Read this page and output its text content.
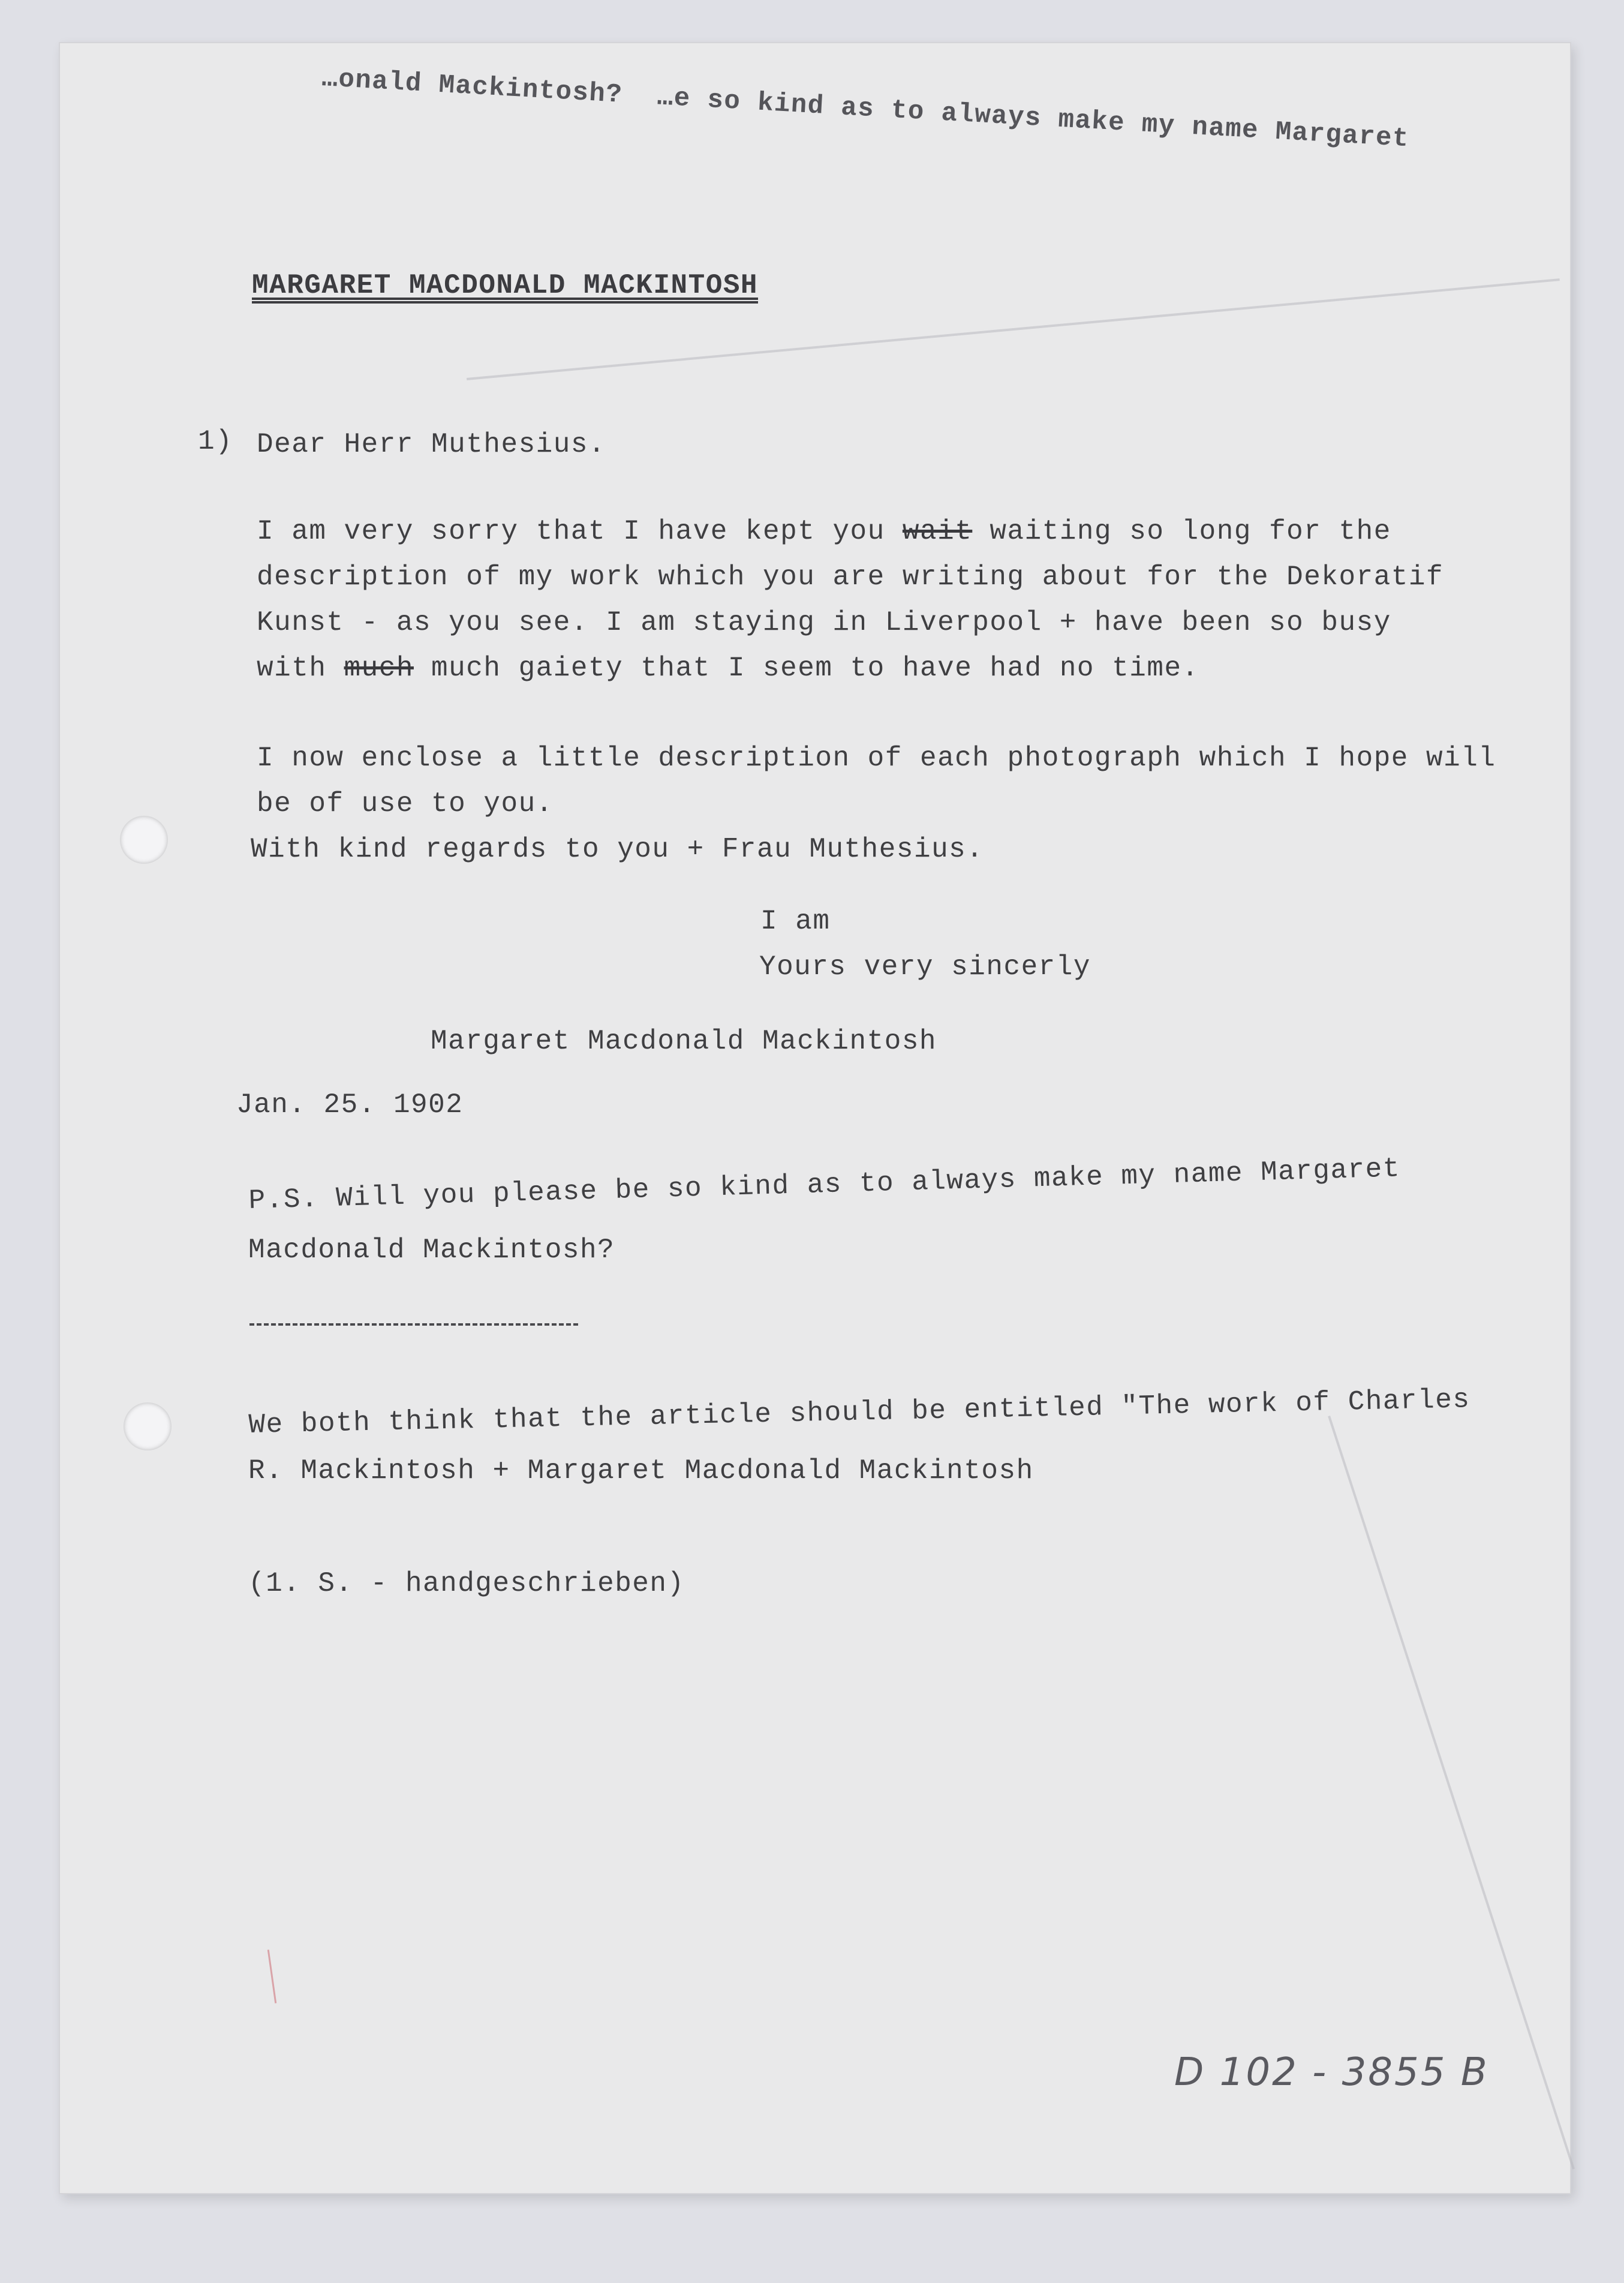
…onald Mackintosh? …e so kind as to always make my name Margaret
MARGARET MACDONALD MACKINTOSH
1) Dear Herr Muthesius.
I am very sorry that I have kept you wait waiting so long for the
description of my work which you are writing about for the Dekoratif
Kunst - as you see. I am staying in Liverpool + have been so busy
with much much gaiety that I seem to have had no time.
I now enclose a little description of each photograph which I hope will
be of use to you.
With kind regards to you + Frau Muthesius.
I am
Yours very sincerly
Margaret Macdonald Mackintosh
Jan. 25. 1902
P.S. Will you please be so kind as to always make my name Margaret
Macdonald Mackintosh?
We both think that the article should be entitled "The work of Charles
R. Mackintosh + Margaret Macdonald Mackintosh
(1. S. - handgeschrieben)
D 102 - 3855 B
